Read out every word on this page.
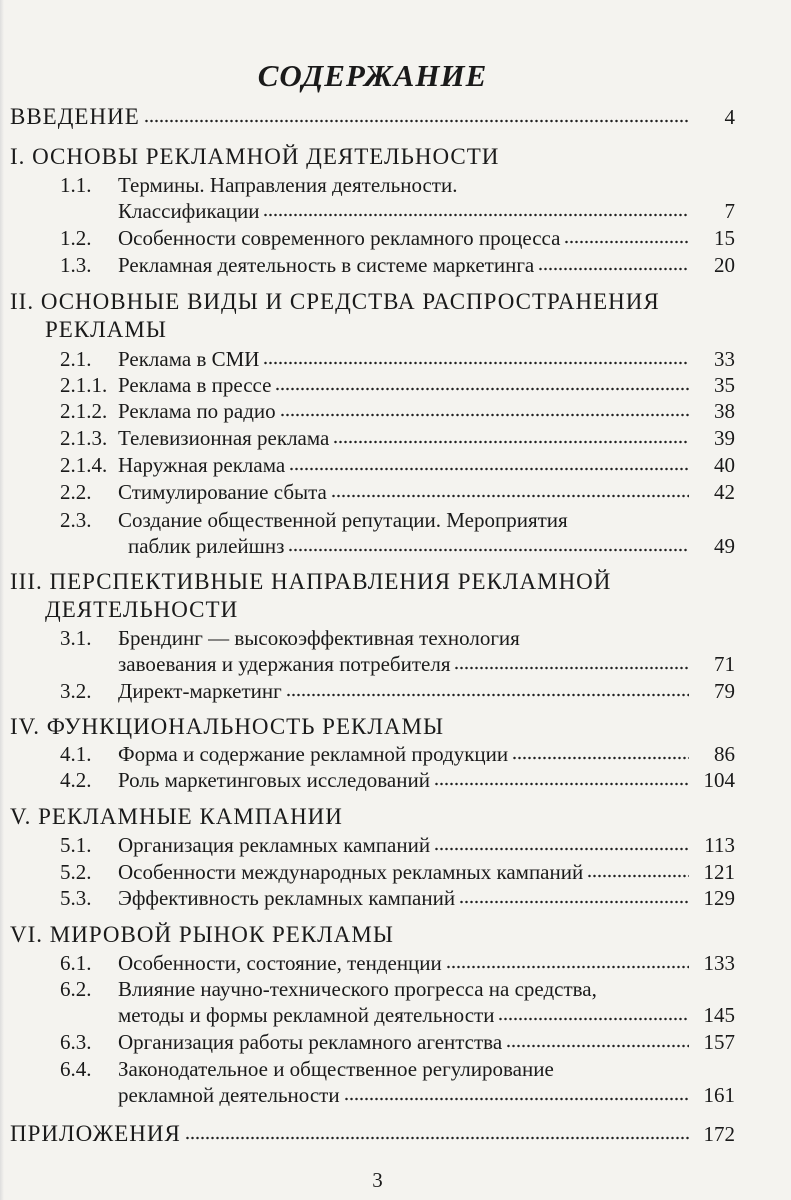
СОДЕРЖАНИЕ
ВВЕДЕНИЕ	4
I. ОСНОВЫ РЕКЛАМНОЙ ДЕЯТЕЛЬНОСТИ
1.1.	Термины. Направления деятельности.
Классификации	7
1.2.	Особенности современного рекламного процесса	15
1.3.	Рекламная деятельность в системе маркетинга	20
II. ОСНОВНЫЕ ВИДЫ И СРЕДСТВА РАСПРОСТРАНЕНИЯ
РЕКЛАМЫ
2.1.	Реклама в СМИ	33
2.1.1. Реклама в прессе	35
2.1.2. Реклама по радио	38
2.1.3. Телевизионная реклама	39
2.1.4. Наружная реклама	40
2.2.	Стимулирование сбыта	42
2.3.	Создание общественной репутации. Мероприятия
паблик рилейшнз	49
III. ПЕРСПЕКТИВНЫЕ НАПРАВЛЕНИЯ РЕКЛАМНОЙ
ДЕЯТЕЛЬНОСТИ
3.1.	Брендинг — высокоэффективная технология
завоевания и удержания потребителя	71
3.2.	Директ-маркетинг	79
IV. ФУНКЦИОНАЛЬНОСТЬ РЕКЛАМЫ
4.1.	Форма и содержание рекламной продукции	86
4.2.	Роль маркетинговых исследований	104
V. РЕКЛАМНЫЕ КАМПАНИИ
5.1.	Организация рекламных кампаний	113
5.2.	Особенности международных рекламных кампаний	121
5.3.	Эффективность рекламных кампаний	129
VI. МИРОВОЙ РЫНОК РЕКЛАМЫ
6.1.	Особенности, состояние, тенденции	133
6.2.	Влияние научно-технического прогресса на средства,
методы и формы рекламной деятельности	145
6.3.	Организация работы рекламного агентства	157
6.4.	Законодательное и общественное регулирование
рекламной деятельности	161
ПРИЛОЖЕНИЯ	172
3
